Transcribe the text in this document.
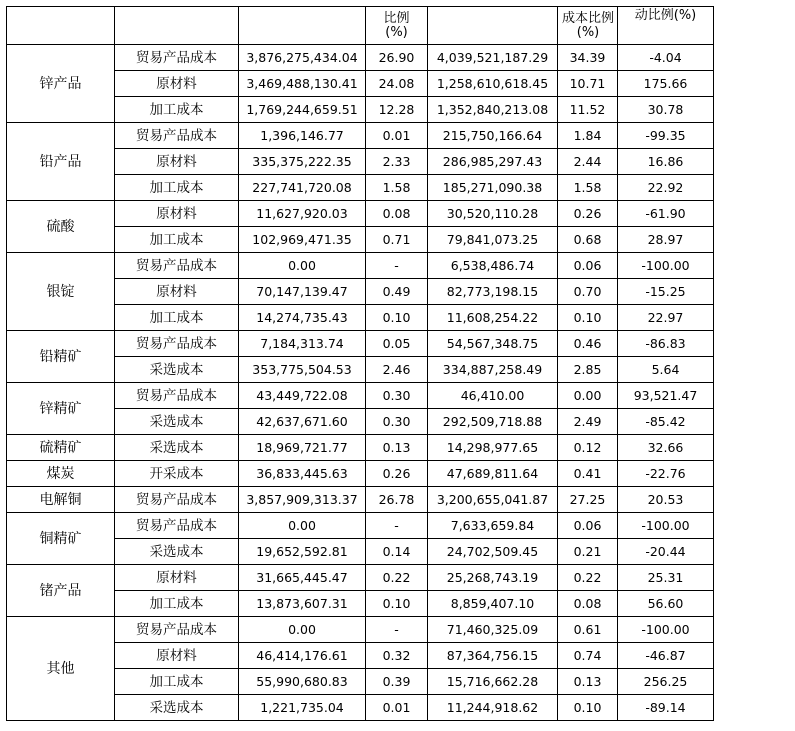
			比例(%)		成本比例(%)	动比例(%)
锌产品	贸易产品成本	3,876,275,434.04	26.90	4,039,521,187.29	34.39	-4.04
	原材料	3,469,488,130.41	24.08	1,258,610,618.45	10.71	175.66
	加工成本	1,769,244,659.51	12.28	1,352,840,213.08	11.52	30.78
铅产品	贸易产品成本	1,396,146.77	0.01	215,750,166.64	1.84	-99.35
	原材料	335,375,222.35	2.33	286,985,297.43	2.44	16.86
	加工成本	227,741,720.08	1.58	185,271,090.38	1.58	22.92
硫酸	原材料	11,627,920.03	0.08	30,520,110.28	0.26	-61.90
	加工成本	102,969,471.35	0.71	79,841,073.25	0.68	28.97
银锭	贸易产品成本	0.00	-	6,538,486.74	0.06	-100.00
	原材料	70,147,139.47	0.49	82,773,198.15	0.70	-15.25
	加工成本	14,274,735.43	0.10	11,608,254.22	0.10	22.97
铅精矿	贸易产品成本	7,184,313.74	0.05	54,567,348.75	0.46	-86.83
	采选成本	353,775,504.53	2.46	334,887,258.49	2.85	5.64
锌精矿	贸易产品成本	43,449,722.08	0.30	46,410.00	0.00	93,521.47
	采选成本	42,637,671.60	0.30	292,509,718.88	2.49	-85.42
硫精矿	采选成本	18,969,721.77	0.13	14,298,977.65	0.12	32.66
煤炭	开采成本	36,833,445.63	0.26	47,689,811.64	0.41	-22.76
电解铜	贸易产品成本	3,857,909,313.37	26.78	3,200,655,041.87	27.25	20.53
铜精矿	贸易产品成本	0.00	-	7,633,659.84	0.06	-100.00
	采选成本	19,652,592.81	0.14	24,702,509.45	0.21	-20.44
锗产品	原材料	31,665,445.47	0.22	25,268,743.19	0.22	25.31
	加工成本	13,873,607.31	0.10	8,859,407.10	0.08	56.60
其他	贸易产品成本	0.00	-	71,460,325.09	0.61	-100.00
	原材料	46,414,176.61	0.32	87,364,756.15	0.74	-46.87
	加工成本	55,990,680.83	0.39	15,716,662.28	0.13	256.25
	采选成本	1,221,735.04	0.01	11,244,918.62	0.10	-89.14
